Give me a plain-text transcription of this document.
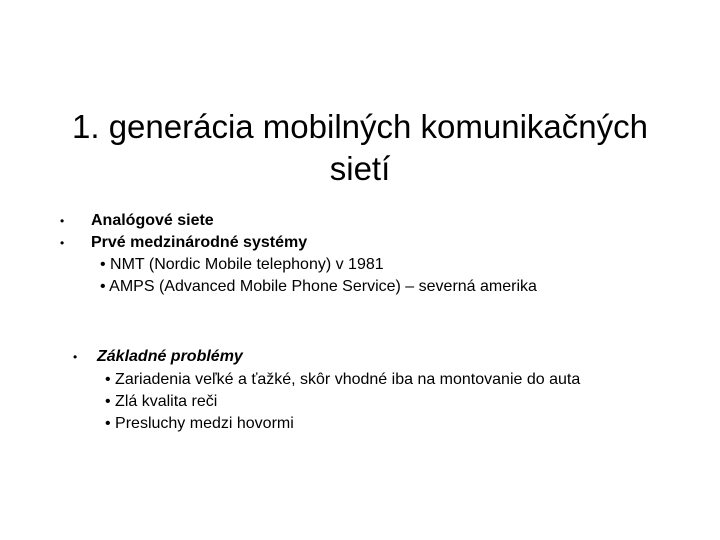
1. generácia mobilných komunikačných
sietí
• Analógové siete
• Prvé medzinárodné systémy
• NMT (Nordic Mobile telephony) v 1981
• AMPS (Advanced Mobile Phone Service) – severná amerika
• Základné problémy
• Zariadenia veľké a ťažké, skôr vhodné iba na montovanie do auta
• Zlá kvalita reči
• Presluchy medzi hovormi
